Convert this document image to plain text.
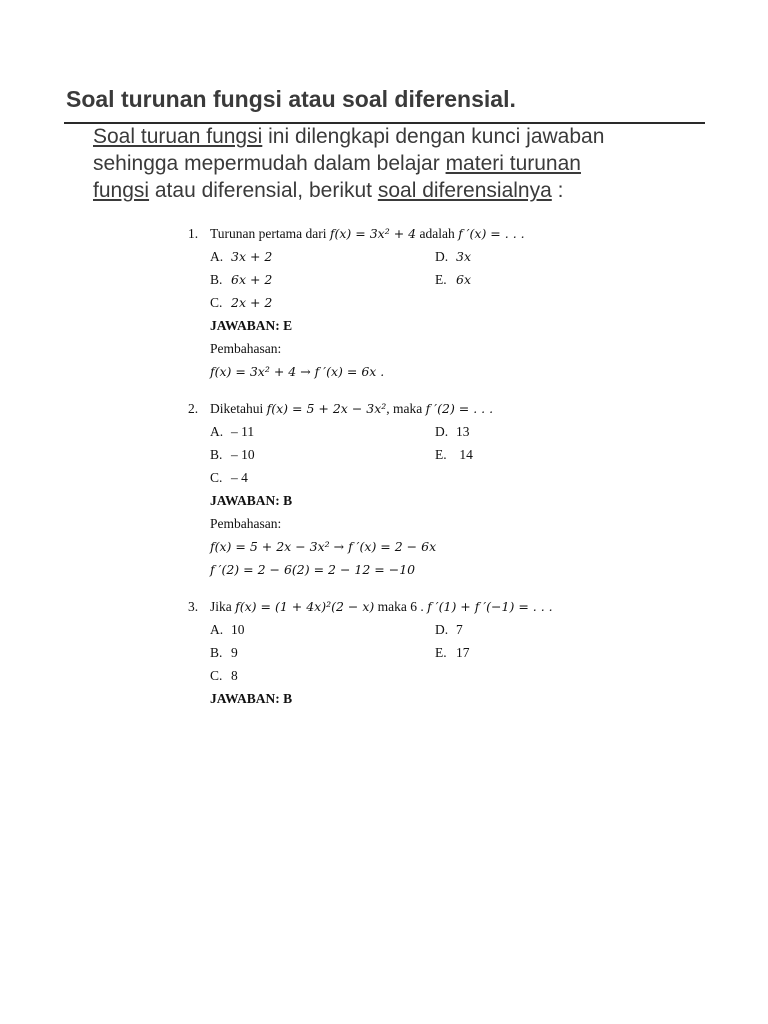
Soal turunan fungsi atau soal diferensial.
Soal turuan fungsi ini dilengkapi dengan kunci jawaban
sehingga mepermudah dalam belajar materi turunan
fungsi atau diferensial, berikut soal diferensialnya :
1. Turunan pertama dari f(x) = 3x² + 4 adalah f ′(x) = . . .
A. 3x + 2	D. 3x
B. 6x + 2	E. 6x
C. 2x + 2
JAWABAN: E
Pembahasan:
f(x) = 3x² + 4 → f ′(x) = 6x .
2. Diketahui f(x) = 5 + 2x − 3x², maka f ′(2) = . . .
A. – 11	D. 13
B. – 10	E. 14
C. – 4
JAWABAN: B
Pembahasan:
f(x) = 5 + 2x − 3x² → f ′(x) = 2 − 6x
f ′(2) = 2 − 6(2) = 2 − 12 = −10
3. Jika f(x) = (1 + 4x)²(2 − x) maka 6 . f ′(1) + f ′(−1) = . . .
A. 10	D. 7
B. 9	E. 17
C. 8
JAWABAN: B
